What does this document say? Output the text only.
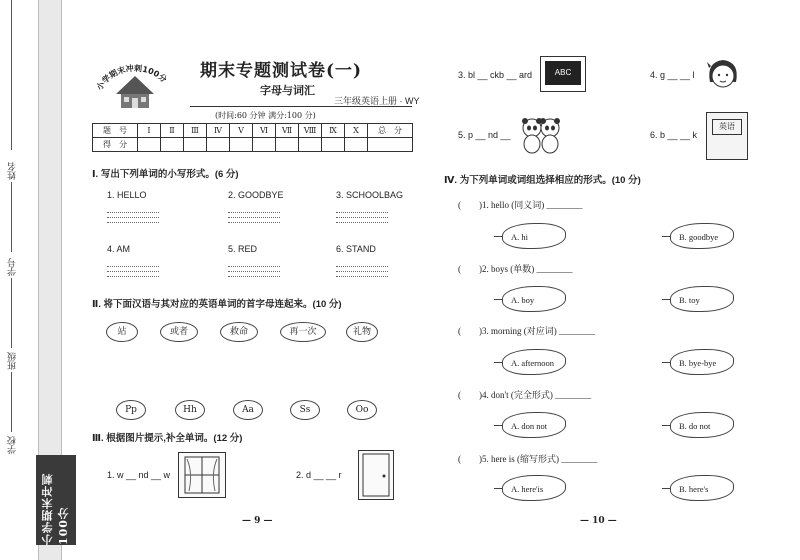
姓名
学号
班级
学校
小学期末冲刺100分
小学期末冲刺100分 期末专题测试卷(一)
字母与词汇
三年级英语上册 · WY
(时间:60 分钟 满分:100 分)
题　号	Ⅰ	Ⅱ	Ⅲ	Ⅳ	Ⅴ	Ⅵ	Ⅶ	Ⅷ	Ⅸ	Ⅹ	总　分
得　分											
Ⅰ. 写出下列单词的小写形式。(6 分)
1. HELLO	2. GOODBYE	3. SCHOOLBAG
4. AM	5. RED	6. STAND
Ⅱ. 将下面汉语与其对应的英语单词的首字母连起来。(10 分)
站	或者	救命	再一次	礼物
Pp	Hh	Aa	Ss	Oo
Ⅲ. 根据图片提示,补全单词。(12 分)
1. w __ nd __ w	2. d __ __ r
3. bl __ ckb __ ard	ABC	4. g __ __ l
5. p __ nd __	6. b __ __ k
英语
Ⅳ. 为下列单词或词组选择相应的形式。(10 分)
(　　) 1. hello (同义词) ________
A. hi	B. goodbye
(　　) 2. boys (单数) ________
A. boy	B. toy
(　　) 3. morning (对应词) ________
A. afternoon	B. bye-bye
(　　) 4. don't (完全形式) ________
A. don not	B. do not
(　　) 5. here is (缩写形式) ________
A. here'is	B. here's
— 9 —	— 10 —
